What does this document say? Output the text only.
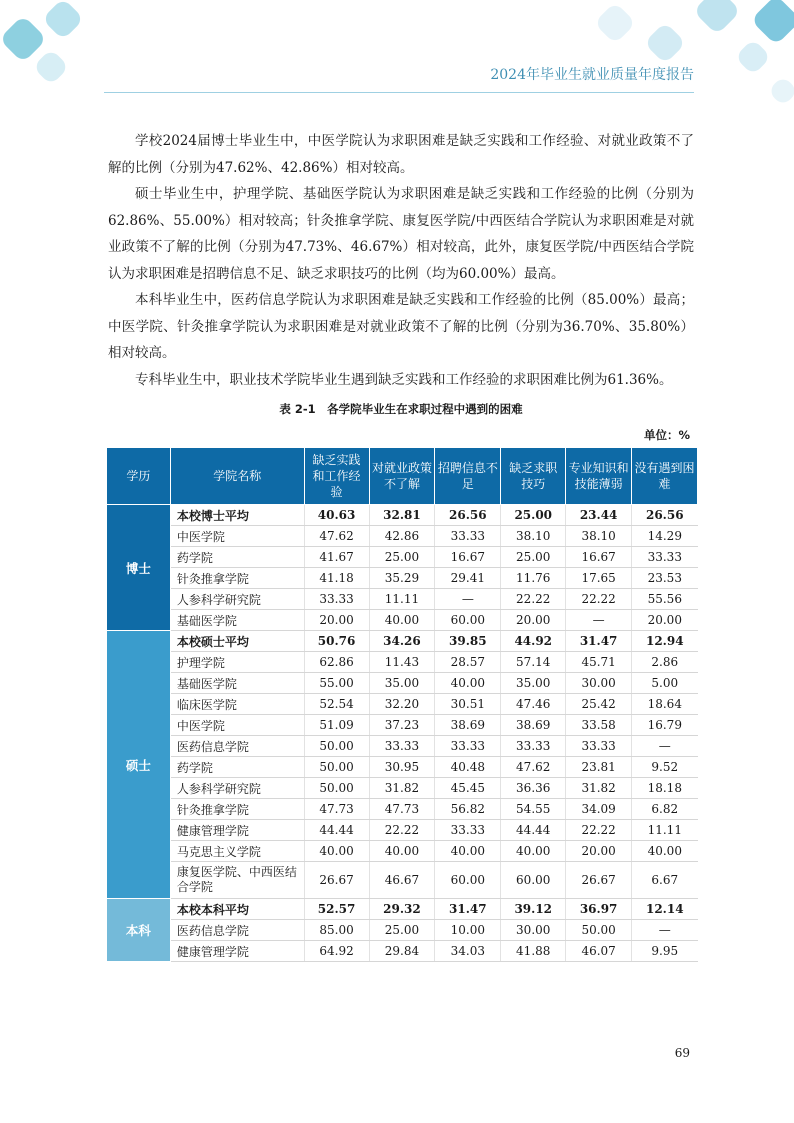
2024年毕业生就业质量年度报告

学校2024届博士毕业生中，中医学院认为求职困难是缺乏实践和工作经验、对就业政策不了解的比例（分别为47.62%、42.86%）相对较高。

硕士毕业生中，护理学院、基础医学院认为求职困难是缺乏实践和工作经验的比例（分别为62.86%、55.00%）相对较高；针灸推拿学院、康复医学院/中西医结合学院认为求职困难是对就业政策不了解的比例（分别为47.73%、46.67%）相对较高，此外，康复医学院/中西医结合学院认为求职困难是招聘信息不足、缺乏求职技巧的比例（均为60.00%）最高。

本科毕业生中，医药信息学院认为求职困难是缺乏实践和工作经验的比例（85.00%）最高；中医学院、针灸推拿学院认为求职困难是对就业政策不了解的比例（分别为36.70%、35.80%）相对较高。

专科毕业生中，职业技术学院毕业生遇到缺乏实践和工作经验的求职困难比例为61.36%。

表 2-1　各学院毕业生在求职过程中遇到的困难
单位：%
学历	学院名称	缺乏实践和工作经验	对就业政策不了解	招聘信息不足	缺乏求职技巧	专业知识和技能薄弱	没有遇到困难
博士	本校博士平均	40.63	32.81	26.56	25.00	23.44	26.56
	中医学院	47.62	42.86	33.33	38.10	38.10	14.29
	药学院	41.67	25.00	16.67	25.00	16.67	33.33
	针灸推拿学院	41.18	35.29	29.41	11.76	17.65	23.53
	人参科学研究院	33.33	11.11	—	22.22	22.22	55.56
	基础医学院	20.00	40.00	60.00	20.00	—	20.00
硕士	本校硕士平均	50.76	34.26	39.85	44.92	31.47	12.94
	护理学院	62.86	11.43	28.57	57.14	45.71	2.86
	基础医学院	55.00	35.00	40.00	35.00	30.00	5.00
	临床医学院	52.54	32.20	30.51	47.46	25.42	18.64
	中医学院	51.09	37.23	38.69	38.69	33.58	16.79
	医药信息学院	50.00	33.33	33.33	33.33	33.33	—
	药学院	50.00	30.95	40.48	47.62	23.81	9.52
	人参科学研究院	50.00	31.82	45.45	36.36	31.82	18.18
	针灸推拿学院	47.73	47.73	56.82	54.55	34.09	6.82
	健康管理学院	44.44	22.22	33.33	44.44	22.22	11.11
	马克思主义学院	40.00	40.00	40.00	40.00	20.00	40.00
	康复医学院、中西医结合学院	26.67	46.67	60.00	60.00	26.67	6.67
本科	本校本科平均	52.57	29.32	31.47	39.12	36.97	12.14
	医药信息学院	85.00	25.00	10.00	30.00	50.00	—
	健康管理学院	64.92	29.84	34.03	41.88	46.07	9.95
69
